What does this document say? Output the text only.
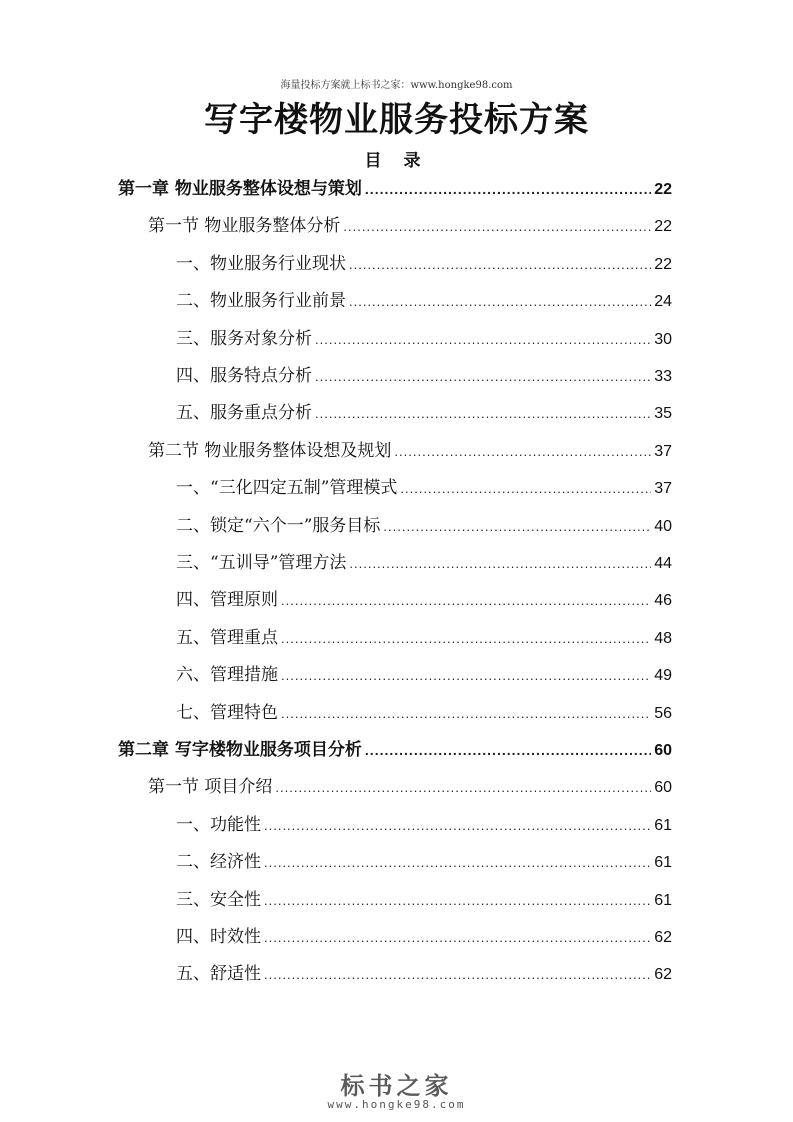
海量投标方案就上标书之家：www.hongke98.com
写字楼物业服务投标方案
目 录
第一章 物业服务整体设想与策划 .....	22
第一节 物业服务整体分析 .....	22
一、物业服务行业现状 .....	22
二、物业服务行业前景 .....	24
三、服务对象分析 .....	30
四、服务特点分析 .....	33
五、服务重点分析 .....	35
第二节 物业服务整体设想及规划 .....	37
一、“三化四定五制”管理模式 .....	37
二、锁定“六个一”服务目标 .....	40
三、“五训导”管理方法 .....	44
四、管理原则 .....	46
五、管理重点 .....	48
六、管理措施 .....	49
七、管理特色 .....	56
第二章 写字楼物业服务项目分析 .....	60
第一节 项目介绍 .....	60
一、功能性 .....	61
二、经济性 .....	61
三、安全性 .....	61
四、时效性 .....	62
五、舒适性 .....	62
标书之家
www.hongke98.com
